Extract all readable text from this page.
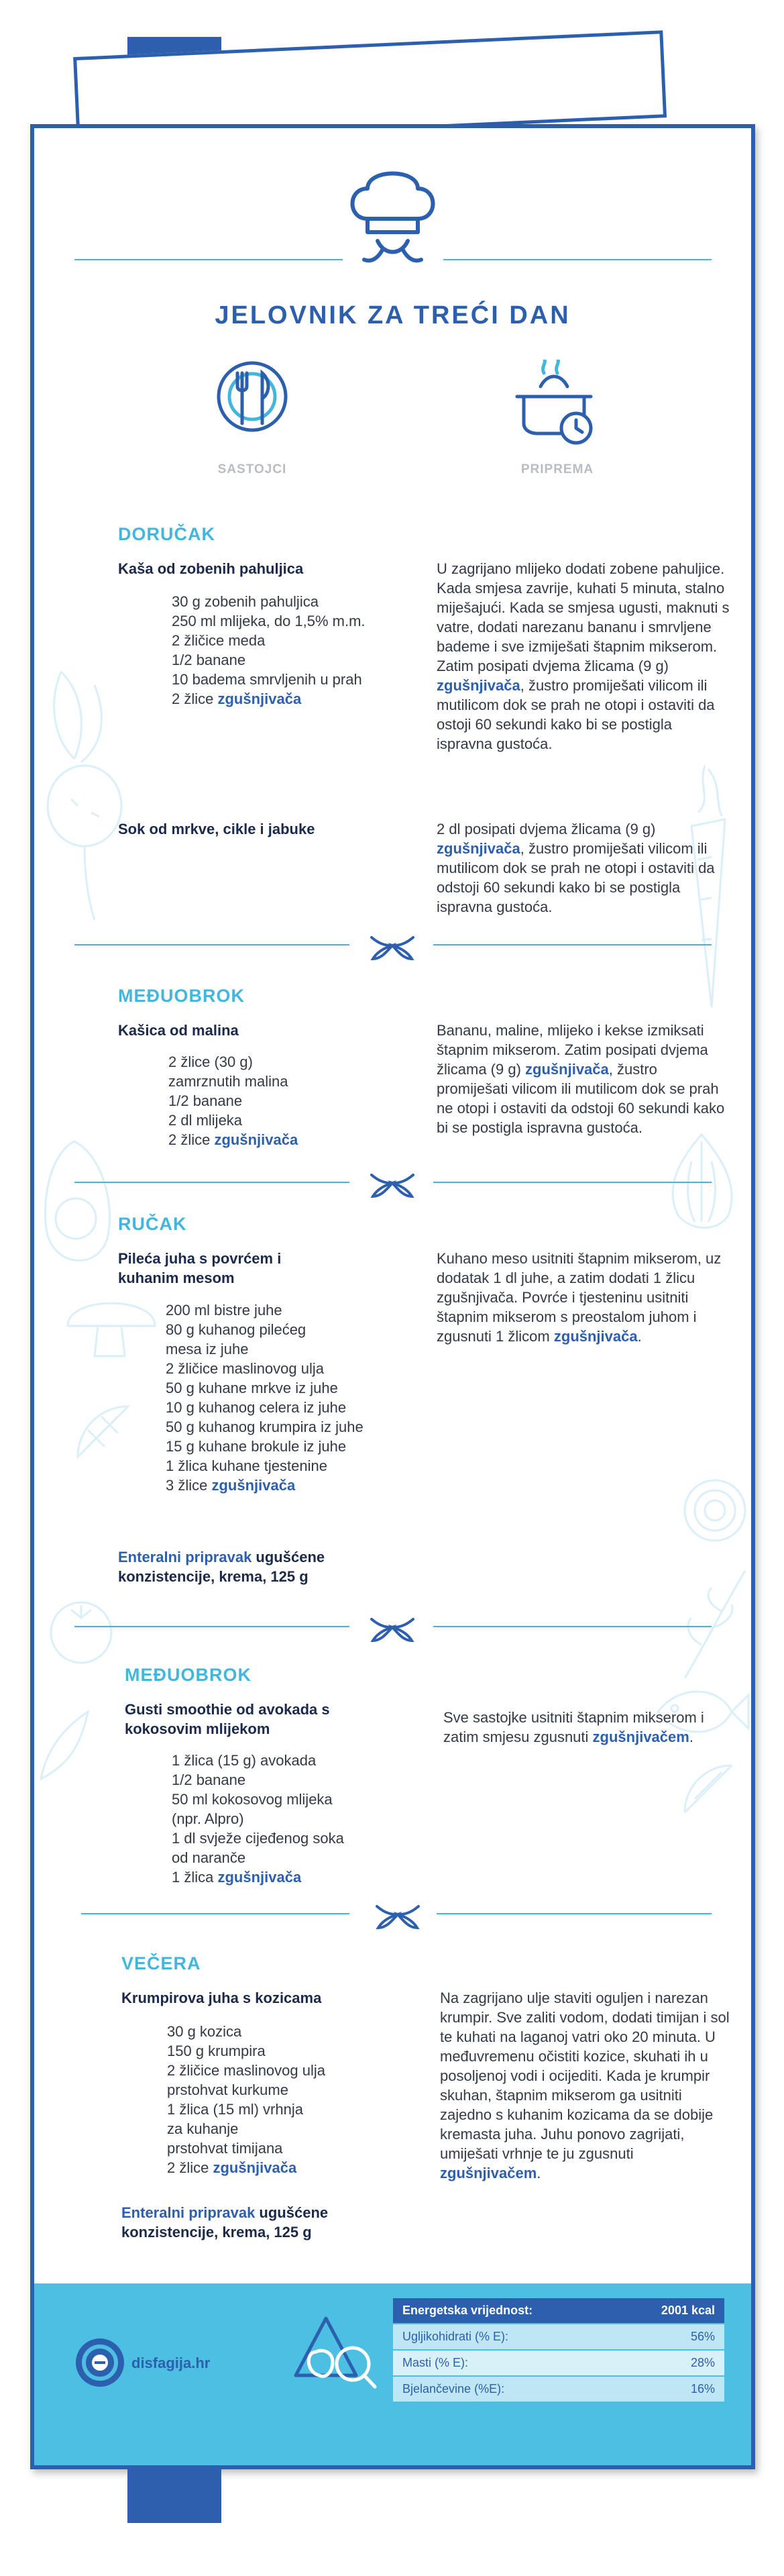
JELOVNIK ZA TREĆI DAN
SASTOJCI	PRIPREMA
DORUČAK
Kaša od zobenih pahuljica
30 g zobenih pahuljica
250 ml mlijeka, do 1,5% m.m.
2 žličice meda
1/2 banane
10 badema smrvljenih u prah
2 žlice zgušnjivača
U zagrijano mlijeko dodati zobene pahuljice. Kada smjesa zavrije, kuhati 5 minuta, stalno miješajući. Kada se smjesa ugusti, maknuti s vatre, dodati narezanu bananu i smrvljene bademe i sve izmiješati štapnim mikserom. Zatim posipati dvjema žlicama (9 g) zgušnjivača, žustro promiješati vilicom ili mutilicom dok se prah ne otopi i ostaviti da ostoji 60 sekundi kako bi se postigla ispravna gustoća.
Sok od mrkve, cikle i jabuke	2 dl posipati dvjema žlicama (9 g) zgušnjivača, žustro promiješati vilicom ili mutilicom dok se prah ne otopi i ostaviti da odstoji 60 sekundi kako bi se postigla ispravna gustoća.
MEĐUOBROK
Kašica od malina
2 žlice (30 g)
zamrznutih malina
1/2 banane
2 dl mlijeka
2 žlice zgušnjivača
Bananu, maline, mlijeko i kekse izmiksati štapnim mikserom. Zatim posipati dvjema žlicama (9 g) zgušnjivača, žustro promiješati vilicom ili mutilicom dok se prah ne otopi i ostaviti da odstoji 60 sekundi kako bi se postigla ispravna gustoća.
RUČAK
Pileća juha s povrćem i kuhanim mesom
200 ml bistre juhe
80 g kuhanog pilećeg
mesa iz juhe
2 žličice maslinovog ulja
50 g kuhane mrkve iz juhe
10 g kuhanog celera iz juhe
50 g kuhanog krumpira iz juhe
15 g kuhane brokule iz juhe
1 žlica kuhane tjestenine
3 žlice zgušnjivača
Kuhano meso usitniti štapnim mikserom, uz dodatak 1 dl juhe, a zatim dodati 1 žlicu zgušnjivača. Povrće i tjesteninu usitniti štapnim mikserom s preostalom juhom i zgusnuti 1 žlicom zgušnjivača.
Enteralni pripravak ugušćene konzistencije, krema, 125 g
MEĐUOBROK
Gusti smoothie od avokada s kokosovim mlijekom
1 žlica (15 g) avokada
1/2 banane
50 ml kokosovog mlijeka
(npr. Alpro)
1 dl svježe cijeđenog soka
od naranče
1 žlica zgušnjivača
Sve sastojke usitniti štapnim mikserom i zatim smjesu zgusnuti zgušnjivačem.
VEČERA
Krumpirova juha s kozicama
30 g kozica
150 g krumpira
2 žličice maslinovog ulja
prstohvat kurkume
1 žlica (15 ml) vrhnja
za kuhanje
prstohvat timijana
2 žlice zgušnjivača
Na zagrijano ulje staviti oguljen i narezan krumpir. Sve zaliti vodom, dodati timijan i sol te kuhati na laganoj vatri oko 20 minuta. U međuvremenu očistiti kozice, skuhati ih u posoljenoj vodi i ocijediti. Kada je krumpir skuhan, štapnim mikserom ga usitniti zajedno s kuhanim kozicama da se dobije kremasta juha. Juhu ponovo zagrijati, umiješati vrhnje te ju zgusnuti zgušnjivačem.
Enteralni pripravak ugušćene konzistencije, krema, 125 g
disfagija.hr
Energetska vrijednost:	2001 kcal
Ugljikohidrati (% E):	56%
Masti (% E):	28%
Bjelančevine (%E):	16%
